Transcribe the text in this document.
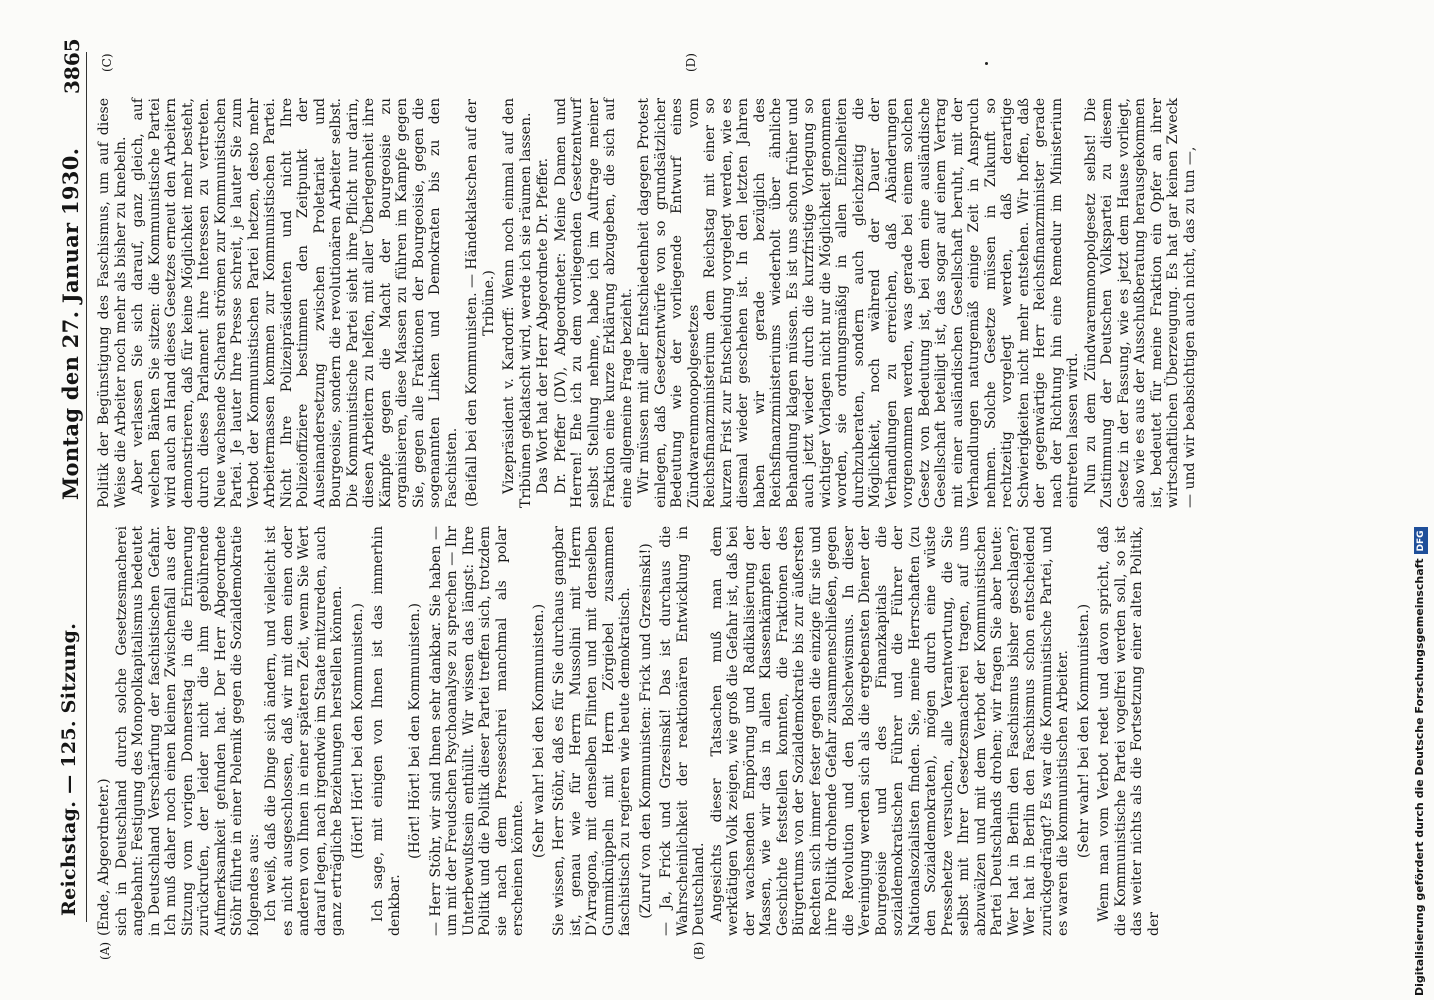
Reichstag. — 125. Sitzung.
Montag den 27. Januar 1930.
3865
(A)	(B)
(C)	(D)

(Ende, Abgeordneter.) sich in Deutschland durch solche Gesetzesmacherei angebahnt: Festigung des Monopolkapitalismus bedeutet in Deutschland Verschärfung der faschistischen Gefahr. Ich muß daher noch einen kleinen Zwischenfall aus der Sitzung vom vorigen Donnerstag in die Erinnerung zurückrufen, der leider nicht die ihm gebührende Aufmerksamkeit gefunden hat. Der Herr Abgeordnete Stöhr führte in einer Polemik gegen die Sozialdemokratie folgendes aus: Ich weiß, daß die Dinge sich ändern, und vielleicht ist es nicht ausgeschlossen, daß wir mit dem einen oder anderen von Ihnen in einer späteren Zeit, wenn Sie Wert darauf legen, nach irgendwie im Staate mitzureden, auch ganz erträgliche Beziehungen herstellen können. (Hört! Hört! bei den Kommunisten.) Ich sage, mit einigen von Ihnen ist das immerhin denkbar.

(Hört! Hört! bei den Kommunisten.) — Herr Stöhr, wir sind Ihnen sehr dankbar. Sie haben — um mit der Freudschen Psychoanalyse zu sprechen — Ihr Unterbewußtsein enthüllt. Wir wissen das längst: Ihre Politik und die Politik dieser Partei treffen sich, trotzdem sie nach dem Presseschrei manchmal als polar erscheinen könnte.

(Sehr wahr! bei den Kommunisten.) Sie wissen, Herr Stöhr, daß es für Sie durchaus gangbar ist, genau wie für Herrn Mussolini mit Herrn D'Arragona, mit denselben Flinten und mit denselben Gummiknüppeln mit Herrn Zörgiebel zusammen faschistisch zu regieren wie heute demokratisch. (Zuruf von den Kommunisten: Frick und Grzesinski!) — Ja, Frick und Grzesinski! Das ist durchaus die Wahrscheinlichkeit der reaktionären Entwicklung in Deutschland. Angesichts dieser Tatsachen muß man dem werktätigen Volk zeigen, wie groß die Gefahr ist, daß bei der wachsenden Empörung und Radikalisierung der Massen, wie wir das in allen Klassenkämpfen der Geschichte feststellen konnten, die Fraktionen des Bürgertums von der Sozialdemokratie bis zur äußersten Rechten sich immer fester gegen die einzige für sie und ihre Politik drohende Gefahr zusammenschließen, gegen die Revolution und den Bolschewismus. In dieser Vereinigung werden sich als die ergebensten Diener der Bourgeoisie und des Finanzkapitals die sozialdemokratischen Führer und die Führer der Nationalsozialisten finden. Sie, meine Herrschaften (zu den Sozialdemokraten), mögen durch eine wüste Pressehetze versuchen, alle Verantwortung, die Sie selbst mit Ihrer Gesetzesmacherei tragen, auf uns abzuwälzen und mit dem Verbot der Kommunistischen Partei Deutschlands drohen; wir fragen Sie aber heute: Wer hat in Berlin den Faschismus bisher geschlagen? Wer hat in Berlin den Faschismus schon entscheidend zurückgedrängt? Es war die Kommunistische Partei, und es waren die kommunistischen Arbeiter. (Sehr wahr! bei den Kommunisten.) Wenn man vom Verbot redet und davon spricht, daß die Kommunistische Partei vogelfrei werden soll, so ist das weiter nichts als die Fortsetzung einer alten Politik, der

Politik der Begünstigung des Faschismus, um auf diese Weise die Arbeiter noch mehr als bisher zu knebeln. Aber verlassen Sie sich darauf, ganz gleich, auf welchen Bänken Sie sitzen: die Kommunistische Partei wird auch an Hand dieses Gesetzes erneut den Arbeitern demonstrieren, daß für keine Möglichkeit mehr besteht, durch dieses Parlament ihre Interessen zu vertreten. Neue wachsende Scharen strömen zur Kommunistischen Partei. Je lauter Ihre Presse schreit, je lauter Sie zum Verbot der Kommunistischen Partei hetzen, desto mehr Arbeitermassen kommen zur Kommunistischen Partei. Nicht Ihre Polizeipräsidenten und nicht Ihre Polizeioffiziere bestimmen den Zeitpunkt der Auseinandersetzung zwischen Proletariat und Bourgeoisie, sondern die revolutionären Arbeiter selbst. Die Kommunistische Partei sieht ihre Pflicht nur darin, diesen Arbeitern zu helfen, mit aller Überlegenheit ihre Kämpfe gegen die Macht der Bourgeoisie zu organisieren, diese Massen zu führen im Kampfe gegen Sie, gegen alle Fraktionen der Bourgeoisie, gegen die sogenannten Linken und Demokraten bis zu den Faschisten. (Beifall bei den Kommunisten. — Händeklatschen auf der Tribüne.) Vizepräsident v. Kardorff: Wenn noch einmal auf den Tribünen geklatscht wird, werde ich sie räumen lassen. Das Wort hat der Herr Abgeordnete Dr. Pfeffer. Dr. Pfeffer (DV), Abgeordneter: Meine Damen und Herren! Ehe ich zu dem vorliegenden Gesetzentwurf selbst Stellung nehme, habe ich im Auftrage meiner Fraktion eine kurze Erklärung abzugeben, die sich auf eine allgemeine Frage bezieht. Wir müssen mit aller Entschiedenheit dagegen Protest einlegen, daß Gesetzentwürfe von so grundsätzlicher Bedeutung wie der vorliegende Entwurf eines Zündwarenmonopolgesetzes vom Reichsfinanzministerium dem Reichstag mit einer so kurzen Frist zur Entscheidung vorgelegt werden, wie es diesmal wieder geschehen ist. In den letzten Jahren haben wir gerade bezüglich des Reichsfinanzministeriums wiederholt über ähnliche Behandlung klagen müssen. Es ist uns schon früher und auch jetzt wieder durch die kurzfristige Vorlegung so wichtiger Vorlagen nicht nur die Möglichkeit genommen worden, sie ordnungsmäßig in allen Einzelheiten durchzuberaten, sondern auch gleichzeitig die Möglichkeit, noch während der Dauer der Verhandlungen zu erreichen, daß Abänderungen vorgenommen werden, was gerade bei einem solchen Gesetz von Bedeutung ist, bei dem eine ausländische Gesellschaft beteiligt ist, das sogar auf einem Vertrag mit einer ausländischen Gesellschaft beruht, mit der Verhandlungen naturgemäß einige Zeit in Anspruch nehmen. Solche Gesetze müssen in Zukunft so rechtzeitig vorgelegt werden, daß derartige Schwierigkeiten nicht mehr entstehen. Wir hoffen, daß der gegenwärtige Herr Reichsfinanzminister gerade nach der Richtung hin eine Remedur im Ministerium eintreten lassen wird. Nun zu dem Zündwarenmonopolgesetz selbst! Die Zustimmung der Deutschen Volkspartei zu diesem Gesetz in der Fassung, wie es jetzt dem Hause vorliegt, also wie es aus der Ausschußberatung herausgekommen ist, bedeutet für meine Fraktion ein Opfer an ihrer wirtschaftlichen Überzeugung. Es hat gar keinen Zweck — und wir beabsichtigen auch nicht, das zu tun —,

Digitalisierung gefördert durch die Deutsche Forschungsgemeinschaft DFG
